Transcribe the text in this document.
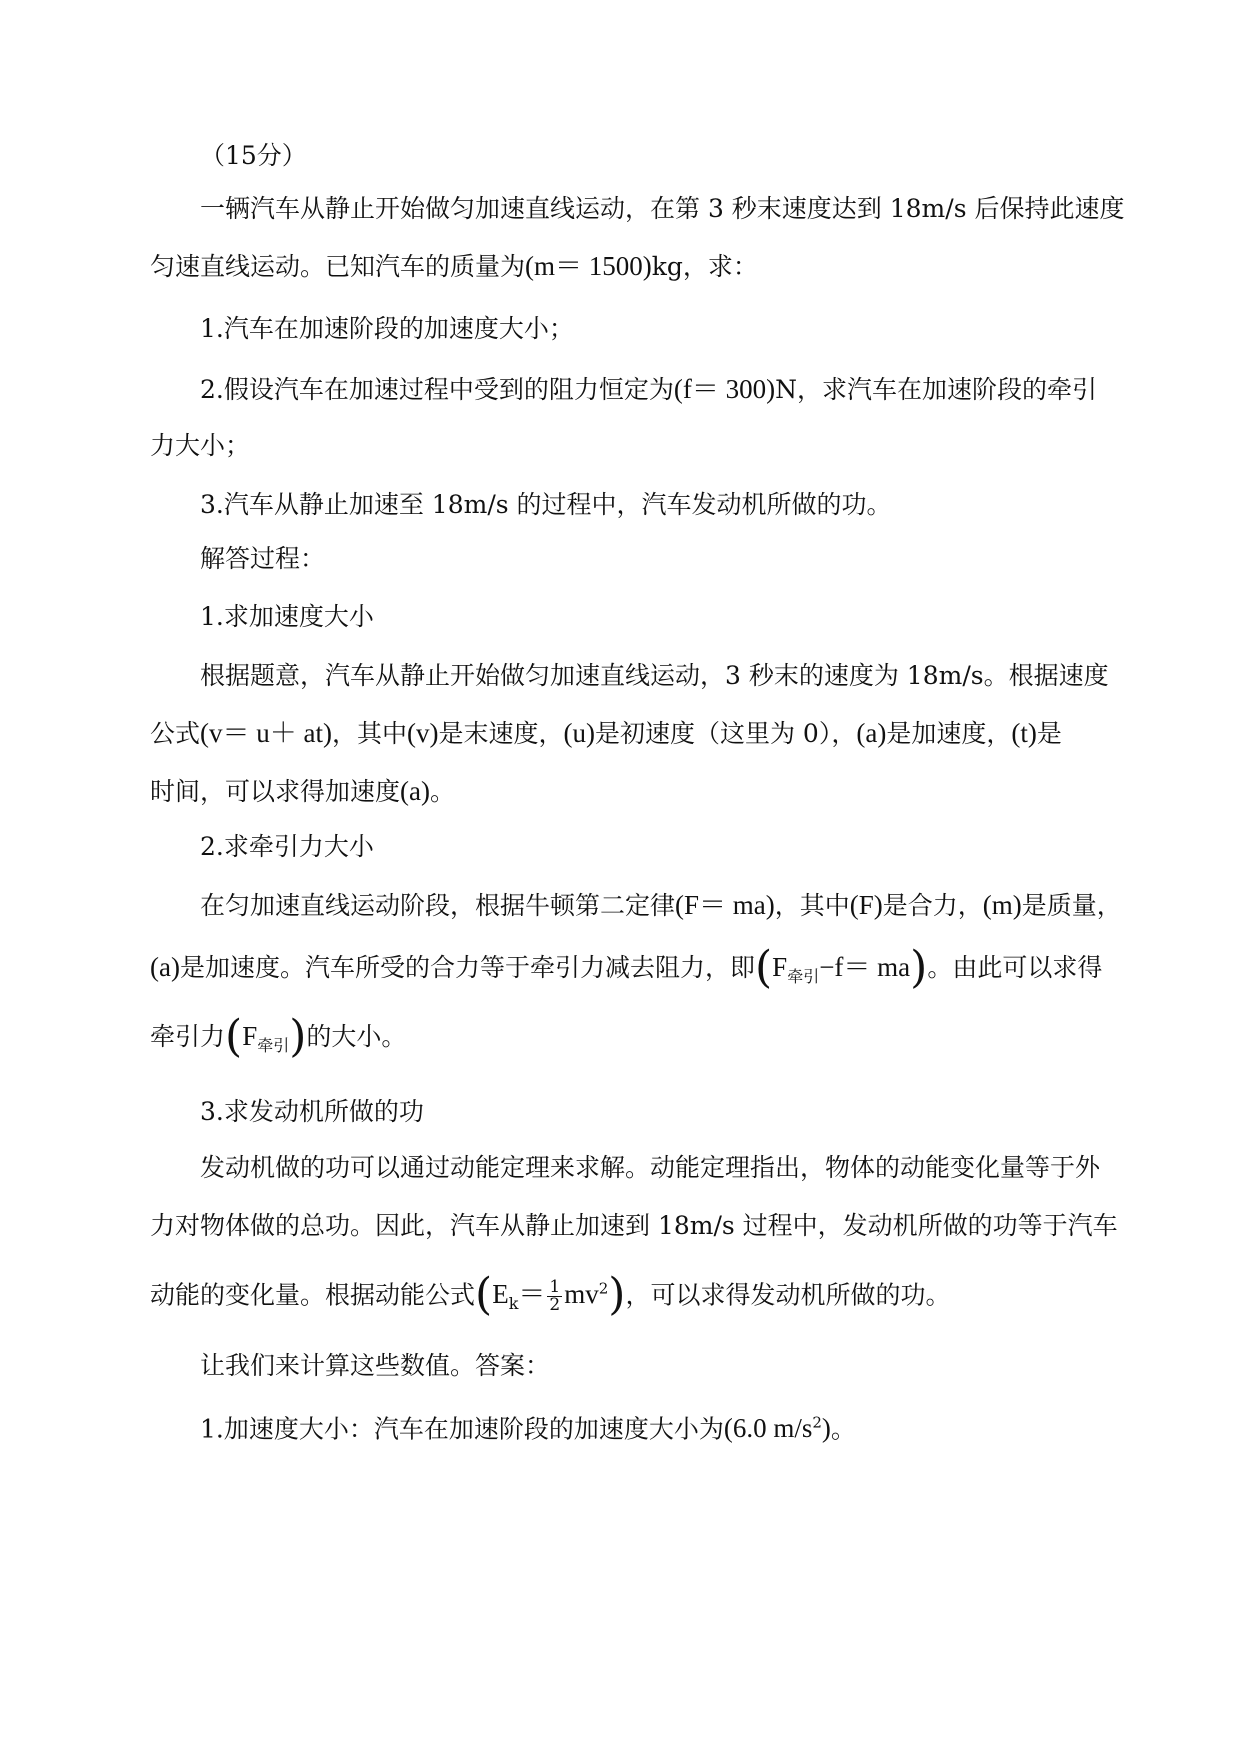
（15分）
一辆汽车从静止开始做匀加速直线运动，在第 3 秒末速度达到 18m/s 后保持此速度
匀速直线运动。已知汽车的质量为(m＝ 1500)kg，求：
1.汽车在加速阶段的加速度大小；
2.假设汽车在加速过程中受到的阻力恒定为(f＝ 300)N，求汽车在加速阶段的牵引
力大小；
3.汽车从静止加速至 18m/s 的过程中，汽车发动机所做的功。
解答过程：
1.求加速度大小
根据题意，汽车从静止开始做匀加速直线运动，3 秒末的速度为 18m/s。根据速度
公式(v＝ u＋ at)，其中(v)是末速度，(u)是初速度（这里为 0），(a)是加速度，(t)是
时间，可以求得加速度(a)。
2.求牵引力大小
在匀加速直线运动阶段，根据牛顿第二定律(F＝ ma)，其中(F)是合力，(m)是质量，
(a)是加速度。汽车所受的合力等于牵引力减去阻力，即$(F_{牵引}-f= ma)$。由此可以求得
牵引力$(F_{牵引})$的大小。
3.求发动机所做的功
发动机做的功可以通过动能定理来求解。动能定理指出，物体的动能变化量等于外
力对物体做的总功。因此，汽车从静止加速到 18m/s 过程中，发动机所做的功等于汽车
动能的变化量。根据动能公式$(E_k= \frac{1}{2} mv^2)$，可以求得发动机所做的功。
让我们来计算这些数值。答案：
1.加速度大小：汽车在加速阶段的加速度大小为(6.0 $m/s^2$)。
